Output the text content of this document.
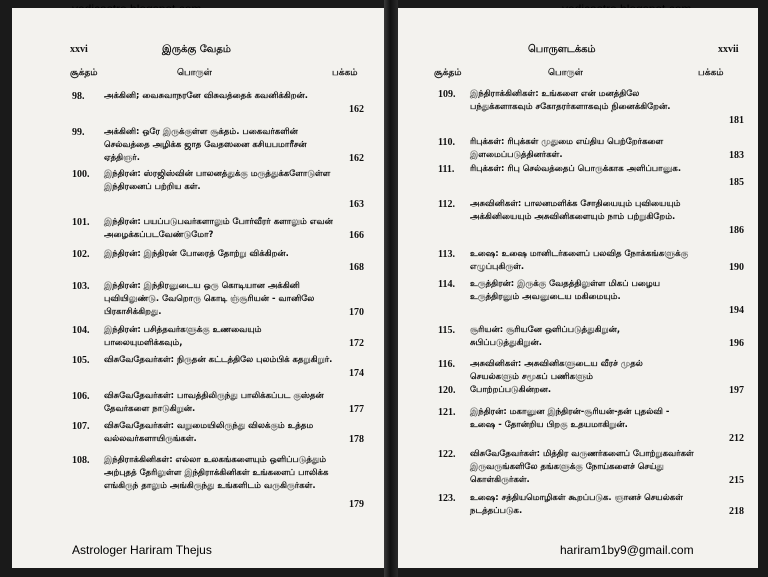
xxvi	இருக்கு வேதம்
சூக்தம்	பொருள்	பக்கம்
98. அக்கினி; வைசுவாநரனே விசுவத்தைக் கவனிக்கிறன்.
162
99. அக்கினி: ஒரே இருக்குள்ள சூக்தம். பகைவர்களின் செல்வத்தை அழிக்க ஜாத வேதஸனை கசியபமாரீசன் ஏத்திஞர்.	162
100. இந்திரன்: ஸ்ரஜிஸ்வின் பாலனத்துக்கு மருத்துக்களோடுள்ள இந்திரனைப் பற்றிய கள்.
163
101. இந்திரன்: பயப்படுபவர்களாலும் போர்வீரர் களாலும் எவன் அழைக்கப்படவேண்டுமோ?	166
102. இந்திரன்: இந்திரன் போரைத் தோற்று விக்கிறன்.
168
103. இந்திரன்: இந்திரனுடைய ஒரு கொடியான அக்கினி புவியிலுண்டு. வேறொரு கொடி ஞ்சூரியன் - வானிலே பிரகாசிக்கிறது.	170
104. இந்திரன்: பசித்தவர்களுக்கு உணவையும் பாலையுமளிக்கவும்,	172
105. விசுவேதேவர்கள்: நிருதன் கட்டத்திலே புலம்பிக் கதறுகிறுர்.
174
106. விசுவேதேவர்கள்: பாவத்திலிருந்து பாலிக்கப்பட குஸ்தன் தேவர்களை நாடுகிறுன்.	177
107. விசுவேதேவர்கள்: வறுமையிலிருந்து விலக்கும் உத்தம வல்லவர்களாயிருங்கள்.	178
108. இந்திராக்கினிகள்: எல்லா உலகங்களையும் ஒளிப்படுத்தும் அற்புதத் தேரிலுள்ள இந்திராக்கினிகள் உங்களைப் பாலிக்க எங்கிருந் தாலும் அங்கிருந்து உங்களிடம் வருகிருர்கள்.
179
xxvii
பொருளடக்கம்
சூக்தம்	பொருள்	பக்கம்
109. இந்திராக்கினிகள்: உங்களை என் மனத்திலே பந்துக்களாகவும் சகோதரர்களாகவும் நினைக்கிறேன்.
181
110. ரிபுக்கள்: ரிபுக்கள் முதுமை எய்திய பெற்றேர்களை இளமைப்படுத்தினர்கள்.	183
111. ரிபுக்கள்: ரிபு செல்வத்தைப் பொருக்காக அளிப்பானுக.
185
112. அசுவினிகள்: பாலனமளிக்க சோதியையும் புவியையும் அக்கினியையும் அசுவினிகளையும் நாம் பற்றுகிறேம்.
186
113. உஷை: உஷை மானிடர்களைப் பலவித நோக்கங்களுக்கு எழுப்புகிருள்.	190
114. உருத்திரன்: இருக்கு வேதத்திலுள்ள மிகப் பழைய உருத்திரனும் அவனுடைய மகிமையும்.
194
115. சூரியன்: சூரியனே ஒளிப்படுத்துகிறுன், சுபிப்படுத்துகிறுன்.	196
116. அசுவினிகள்: அசுவினிகளுடைய வீரச் முதல் செயல்களும் சமூகப் பணிகளும்
120. போற்றப்படுகின்றன.	197
121. இந்திரன்: மகானுன இந்திரன்-சூரியன்-தன் புதல்வி - உஷை - தோன்றிய பிறகு உதயமாகிறுன்.
212
122. விசுவேதேவர்கள்: மித்திர வருணர்களைப் போற்றுகவர்கள் இருவருங்களிலே தங்களுக்கு நோய்களைச் செய்து கொள்கிருர்கள்.	215
123. உஷை: சத்தியமொழிகள் கூறப்படுக. ஞானச் செயல்கள் நடத்தப்படுக.	218
Astrologer Hariram Thejus	hariram1by9@gmail.com
